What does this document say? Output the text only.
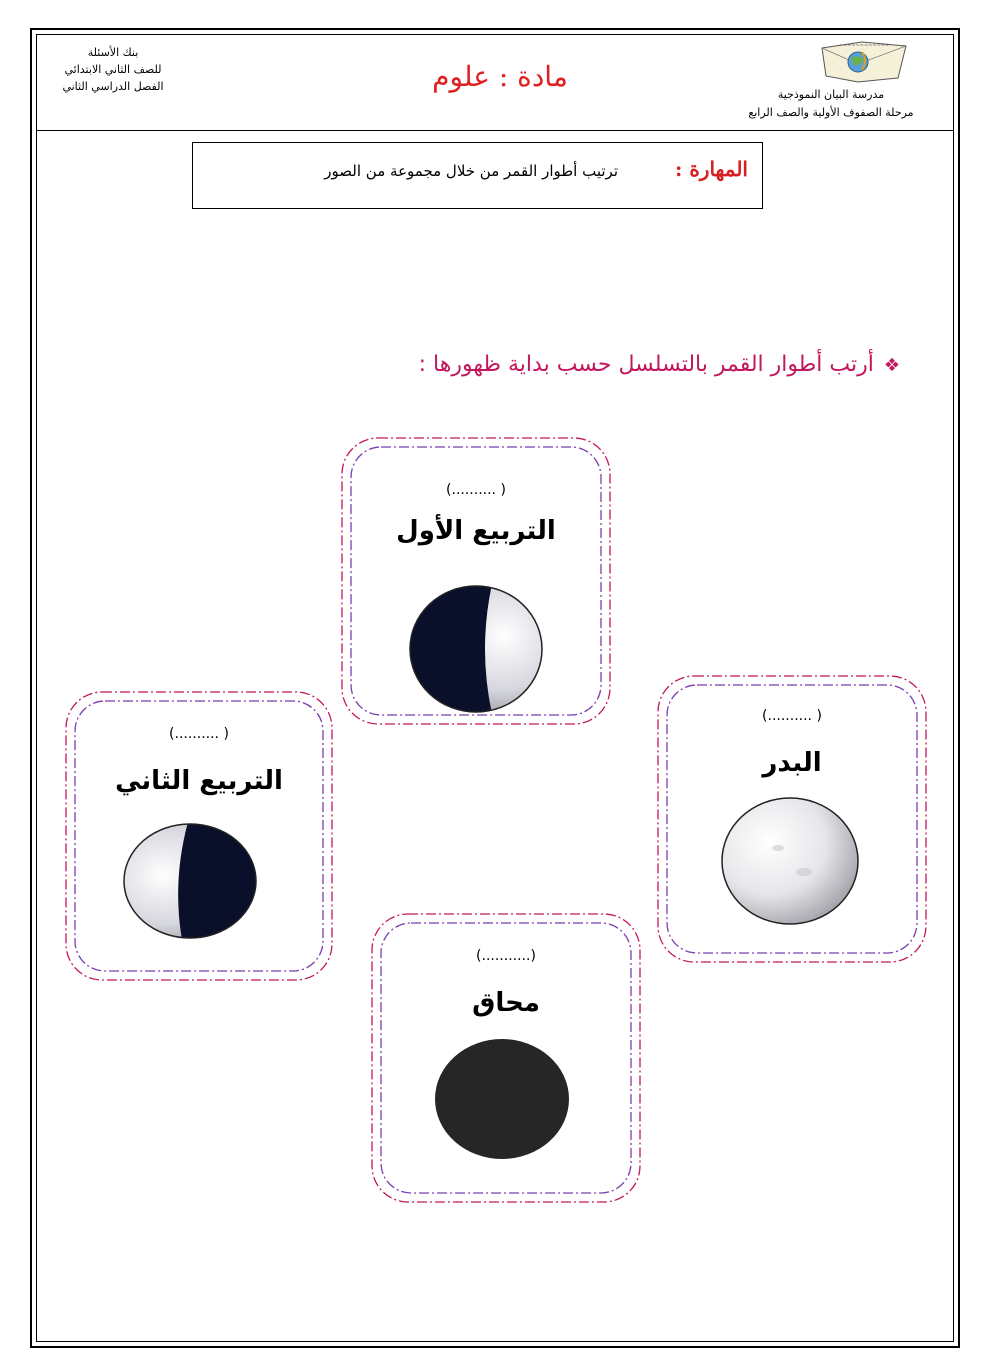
بنك الأسئلة
للصف الثاني الابتدائي
الفصل الدراسي الثاني	مادة : علوم
~~~~~~~~~~~~
مدرسة البيان النموذجية
مرحلة الصفوف الأولية والصف الرابع
المهارة :
ترتيب أطوار القمر من خلال مجموعة من الصور
❖أرتب أطوار القمر بالتسلسل حسب بداية ظهورها :
( ..........)
التربيع الأول
( ..........)
التربيع الثاني
( ..........)
البدر
(...........)
محاق
